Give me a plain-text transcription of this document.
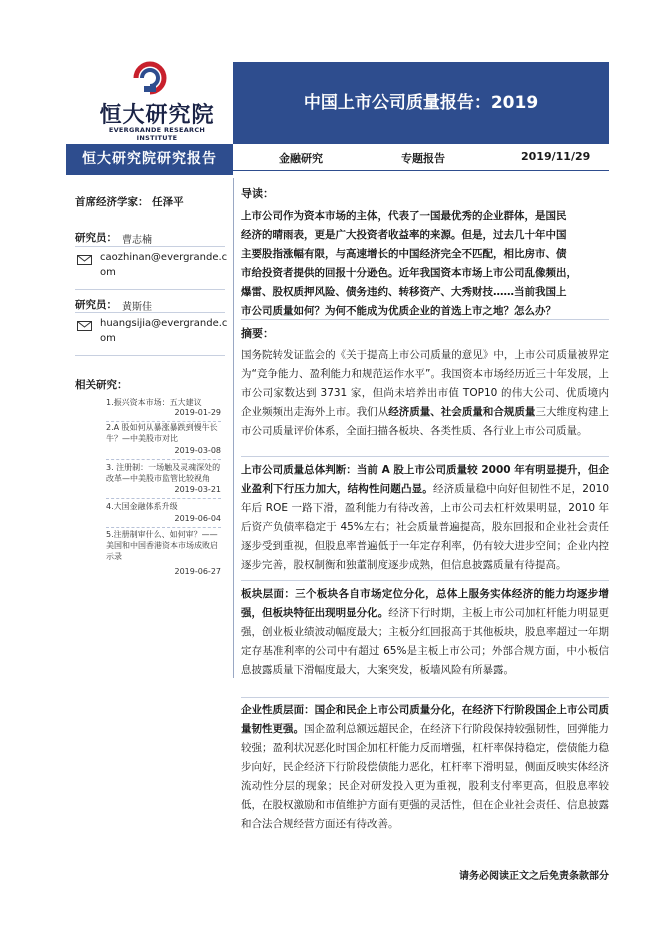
恒大研究院
EVERGRANDE RESEARCH INSTITUTE
中国上市公司质量报告：2019
恒大研究院研究报告	金融研究	专题报告	2019/11/29
首席经济学家： 任泽平
研究员： 曹志楠
caozhinan@evergrande.com
研究员： 黄斯佳
huangsijia@evergrande.com
相关研究：
1.振兴资本市场：五大建议
2019-01-29
2.A 股如何从暴涨暴跌到慢牛长牛？—中美股市对比
2019-03-08
3. 注册制：一场触及灵魂深处的改革—中美股市监管比较视角
2019-03-21
4.大国金融体系升级
2019-06-04
5.注册制审什么、如何审？——美国和中国香港资本市场成败启示录
2019-06-27
导读：
上市公司作为资本市场的主体，代表了一国最优秀的企业群体，是国民
经济的晴雨表，更是广大投资者收益率的来源。但是，过去几十年中国
主要股指涨幅有限，与高速增长的中国经济完全不匹配，相比房市、债
市给投资者提供的回报十分逊色。近年我国资本市场上市公司乱像频出，
爆雷、股权质押风险、债务违约、转移资产、大秀财技……当前我国上
市公司质量如何？为何不能成为优质企业的首选上市之地？怎么办？
摘要：
国务院转发证监会的《关于提高上市公司质量的意见》中，上市公司质量被界定为“竞争能力、盈利能力和规范运作水平”。我国资本市场经历近三十年发展，上市公司家数达到 3731 家，但尚未培养出市值 TOP10 的伟大公司、优质境内企业频频出走海外上市。我们从经济质量、社会质量和合规质量三大维度构建上市公司质量评价体系，全面扫描各板块、各类性质、各行业上市公司质量。
上市公司质量总体判断：当前 A 股上市公司质量较 2000 年有明显提升，但企业盈利下行压力加大，结构性问题凸显。经济质量稳中向好但韧性不足，2010 年后 ROE 一路下滑，盈利能力有待改善，上市公司去杠杆效果明显，2010 年后资产负债率稳定于 45%左右；社会质量普遍提高，股东回报和企业社会责任逐步受到重视，但股息率普遍低于一年定存利率，仍有较大进步空间；企业内控逐步完善，股权制衡和独董制度逐步成熟，但信息披露质量有待提高。
板块层面：三个板块各自市场定位分化，总体上服务实体经济的能力均逐步增强，但板块特征出现明显分化。经济下行时期，主板上市公司加杠杆能力明显更强，创业板业绩波动幅度最大；主板分红回报高于其他板块，股息率超过一年期定存基准利率的公司中有超过 65%是主板上市公司；外部合规方面，中小板信息披露质量下滑幅度最大，大案突发，板墙风险有所暴露。
企业性质层面：国企和民企上市公司质量分化，在经济下行阶段国企上市公司质量韧性更强。国企盈利总额远超民企，在经济下行阶段保持较强韧性，回弹能力较强；盈利状况恶化时国企加杠杆能力反而增强，杠杆率保持稳定，偿债能力稳步向好，民企经济下行阶段偿债能力恶化，杠杆率下滑明显，侧面反映实体经济流动性分层的现象；民企对研发投入更为重视，股利支付率更高，但股息率较低，在股权激励和市值维护方面有更强的灵活性，但在企业社会责任、信息披露和合法合规经营方面还有待改善。
请务必阅读正文之后免责条款部分
